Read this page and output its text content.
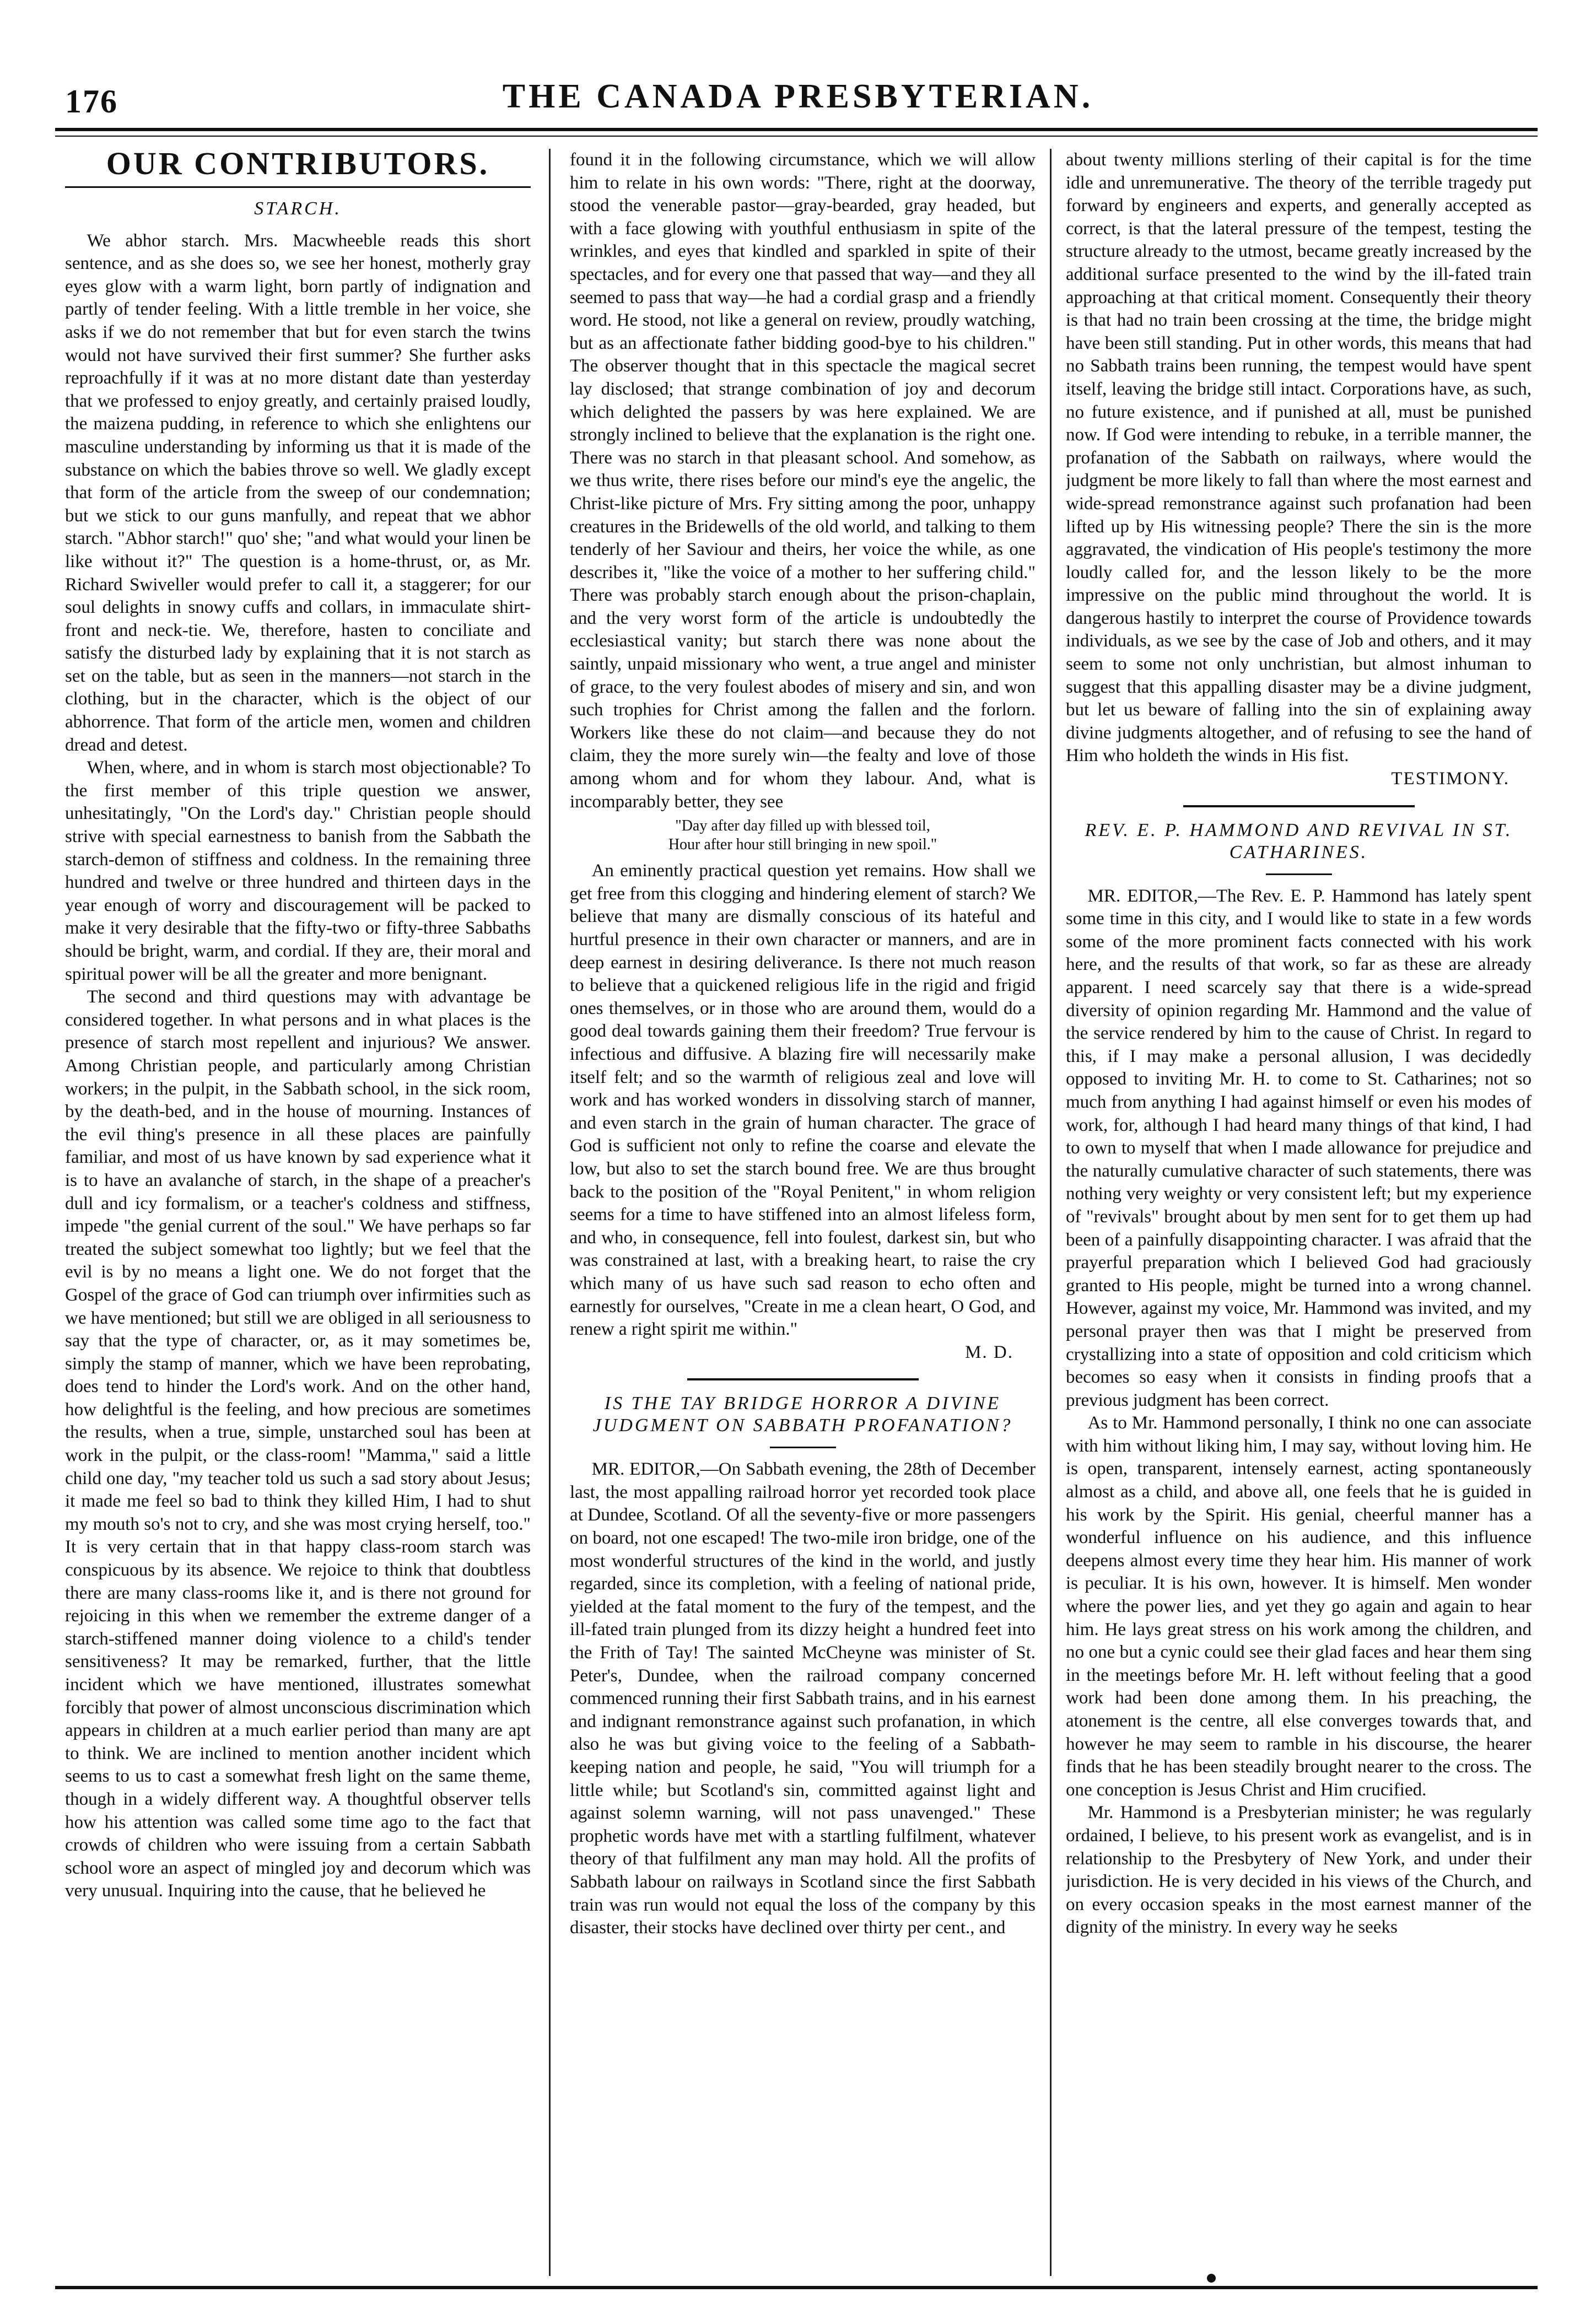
176	THE CANADA PRESBYTERIAN.
OUR CONTRIBUTORS.
STARCH.

We abhor starch. Mrs. Macwheeble reads this short sentence, and as she does so, we see her honest, motherly gray eyes glow with a warm light, born partly of indignation and partly of tender feeling. With a little tremble in her voice, she asks if we do not remember that but for even starch the twins would not have survived their first summer? She further asks reproachfully if it was at no more distant date than yesterday that we professed to enjoy greatly, and certainly praised loudly, the maizena pudding, in reference to which she enlightens our masculine understanding by informing us that it is made of the substance on which the babies throve so well. We gladly except that form of the article from the sweep of our condemnation; but we stick to our guns manfully, and repeat that we abhor starch. "Abhor starch!" quo' she; "and what would your linen be like without it?" The question is a home-thrust, or, as Mr. Richard Swiveller would prefer to call it, a staggerer; for our soul delights in snowy cuffs and collars, in immaculate shirt-front and neck-tie. We, therefore, hasten to conciliate and satisfy the disturbed lady by explaining that it is not starch as set on the table, but as seen in the manners—not starch in the clothing, but in the character, which is the object of our abhorrence. That form of the article men, women and children dread and detest.

When, where, and in whom is starch most objectionable? To the first member of this triple question we answer, unhesitatingly, "On the Lord's day." Christian people should strive with special earnestness to banish from the Sabbath the starch-demon of stiffness and coldness. In the remaining three hundred and twelve or three hundred and thirteen days in the year enough of worry and discouragement will be packed to make it very desirable that the fifty-two or fifty-three Sabbaths should be bright, warm, and cordial. If they are, their moral and spiritual power will be all the greater and more benignant.

The second and third questions may with advantage be considered together. In what persons and in what places is the presence of starch most repellent and injurious? We answer. Among Christian people, and particularly among Christian workers; in the pulpit, in the Sabbath school, in the sick room, by the death-bed, and in the house of mourning. Instances of the evil thing's presence in all these places are painfully familiar, and most of us have known by sad experience what it is to have an avalanche of starch, in the shape of a preacher's dull and icy formalism, or a teacher's coldness and stiffness, impede "the genial current of the soul." We have perhaps so far treated the subject somewhat too lightly; but we feel that the evil is by no means a light one. We do not forget that the Gospel of the grace of God can triumph over infirmities such as we have mentioned; but still we are obliged in all seriousness to say that the type of character, or, as it may sometimes be, simply the stamp of manner, which we have been reprobating, does tend to hinder the Lord's work. And on the other hand, how delightful is the feeling, and how precious are sometimes the results, when a true, simple, unstarched soul has been at work in the pulpit, or the class-room! "Mamma," said a little child one day, "my teacher told us such a sad story about Jesus; it made me feel so bad to think they killed Him, I had to shut my mouth so's not to cry, and she was most crying herself, too." It is very certain that in that happy class-room starch was conspicuous by its absence. We rejoice to think that doubtless there are many class-rooms like it, and is there not ground for rejoicing in this when we remember the extreme danger of a starch-stiffened manner doing violence to a child's tender sensitiveness? It may be remarked, further, that the little incident which we have mentioned, illustrates somewhat forcibly that power of almost unconscious discrimination which appears in children at a much earlier period than many are apt to think. We are inclined to mention another incident which seems to us to cast a somewhat fresh light on the same theme, though in a widely different way. A thoughtful observer tells how his attention was called some time ago to the fact that crowds of children who were issuing from a certain Sabbath school wore an aspect of mingled joy and decorum which was very unusual. Inquiring into the cause, that he believed he

found it in the following circumstance, which we will allow him to relate in his own words: "There, right at the doorway, stood the venerable pastor—gray-bearded, gray headed, but with a face glowing with youthful enthusiasm in spite of the wrinkles, and eyes that kindled and sparkled in spite of their spectacles, and for every one that passed that way—and they all seemed to pass that way—he had a cordial grasp and a friendly word. He stood, not like a general on review, proudly watching, but as an affectionate father bidding good-bye to his children." The observer thought that in this spectacle the magical secret lay disclosed; that strange combination of joy and decorum which delighted the passers by was here explained. We are strongly inclined to believe that the explanation is the right one. There was no starch in that pleasant school. And somehow, as we thus write, there rises before our mind's eye the angelic, the Christ-like picture of Mrs. Fry sitting among the poor, unhappy creatures in the Bridewells of the old world, and talking to them tenderly of her Saviour and theirs, her voice the while, as one describes it, "like the voice of a mother to her suffering child." There was probably starch enough about the prison-chaplain, and the very worst form of the article is undoubtedly the ecclesiastical vanity; but starch there was none about the saintly, unpaid missionary who went, a true angel and minister of grace, to the very foulest abodes of misery and sin, and won such trophies for Christ among the fallen and the forlorn. Workers like these do not claim—and because they do not claim, they the more surely win—the fealty and love of those among whom and for whom they labour. And, what is incomparably better, they see

"Day after day filled up with blessed toil,
Hour after hour still bringing in new spoil."

An eminently practical question yet remains. How shall we get free from this clogging and hindering element of starch? We believe that many are dismally conscious of its hateful and hurtful presence in their own character or manners, and are in deep earnest in desiring deliverance. Is there not much reason to believe that a quickened religious life in the rigid and frigid ones themselves, or in those who are around them, would do a good deal towards gaining them their freedom? True fervour is infectious and diffusive. A blazing fire will necessarily make itself felt; and so the warmth of religious zeal and love will work and has worked wonders in dissolving starch of manner, and even starch in the grain of human character. The grace of God is sufficient not only to refine the coarse and elevate the low, but also to set the starch bound free. We are thus brought back to the position of the "Royal Penitent," in whom religion seems for a time to have stiffened into an almost lifeless form, and who, in consequence, fell into foulest, darkest sin, but who was constrained at last, with a breaking heart, to raise the cry which many of us have such sad reason to echo often and earnestly for ourselves, "Create in me a clean heart, O God, and renew a right spirit me within."

M. D.
IS THE TAY BRIDGE HORROR A DIVINE JUDGMENT ON SABBATH PROFANATION?

MR. EDITOR,—On Sabbath evening, the 28th of December last, the most appalling railroad horror yet recorded took place at Dundee, Scotland. Of all the seventy-five or more passengers on board, not one escaped! The two-mile iron bridge, one of the most wonderful structures of the kind in the world, and justly regarded, since its completion, with a feeling of national pride, yielded at the fatal moment to the fury of the tempest, and the ill-fated train plunged from its dizzy height a hundred feet into the Frith of Tay! The sainted McCheyne was minister of St. Peter's, Dundee, when the railroad company concerned commenced running their first Sabbath trains, and in his earnest and indignant remonstrance against such profanation, in which also he was but giving voice to the feeling of a Sabbath-keeping nation and people, he said, "You will triumph for a little while; but Scotland's sin, committed against light and against solemn warning, will not pass unavenged." These prophetic words have met with a startling fulfilment, whatever theory of that fulfilment any man may hold. All the profits of Sabbath labour on railways in Scotland since the first Sabbath train was run would not equal the loss of the company by this disaster, their stocks have declined over thirty per cent., and

about twenty millions sterling of their capital is for the time idle and unremunerative. The theory of the terrible tragedy put forward by engineers and experts, and generally accepted as correct, is that the lateral pressure of the tempest, testing the structure already to the utmost, became greatly increased by the additional surface presented to the wind by the ill-fated train approaching at that critical moment. Consequently their theory is that had no train been crossing at the time, the bridge might have been still standing. Put in other words, this means that had no Sabbath trains been running, the tempest would have spent itself, leaving the bridge still intact. Corporations have, as such, no future existence, and if punished at all, must be punished now. If God were intending to rebuke, in a terrible manner, the profanation of the Sabbath on railways, where would the judgment be more likely to fall than where the most earnest and wide-spread remonstrance against such profanation had been lifted up by His witnessing people? There the sin is the more aggravated, the vindication of His people's testimony the more loudly called for, and the lesson likely to be the more impressive on the public mind throughout the world. It is dangerous hastily to interpret the course of Providence towards individuals, as we see by the case of Job and others, and it may seem to some not only unchristian, but almost inhuman to suggest that this appalling disaster may be a divine judgment, but let us beware of falling into the sin of explaining away divine judgments altogether, and of refusing to see the hand of Him who holdeth the winds in His fist.

TESTIMONY.
REV. E. P. HAMMOND AND REVIVAL IN ST. CATHARINES.

MR. EDITOR,—The Rev. E. P. Hammond has lately spent some time in this city, and I would like to state in a few words some of the more prominent facts connected with his work here, and the results of that work, so far as these are already apparent. I need scarcely say that there is a wide-spread diversity of opinion regarding Mr. Hammond and the value of the service rendered by him to the cause of Christ. In regard to this, if I may make a personal allusion, I was decidedly opposed to inviting Mr. H. to come to St. Catharines; not so much from anything I had against himself or even his modes of work, for, although I had heard many things of that kind, I had to own to myself that when I made allowance for prejudice and the naturally cumulative character of such statements, there was nothing very weighty or very consistent left; but my experience of "revivals" brought about by men sent for to get them up had been of a painfully disappointing character. I was afraid that the prayerful preparation which I believed God had graciously granted to His people, might be turned into a wrong channel. However, against my voice, Mr. Hammond was invited, and my personal prayer then was that I might be preserved from crystallizing into a state of opposition and cold criticism which becomes so easy when it consists in finding proofs that a previous judgment has been correct.

As to Mr. Hammond personally, I think no one can associate with him without liking him, I may say, without loving him. He is open, transparent, intensely earnest, acting spontaneously almost as a child, and above all, one feels that he is guided in his work by the Spirit. His genial, cheerful manner has a wonderful influence on his audience, and this influence deepens almost every time they hear him. His manner of work is peculiar. It is his own, however. It is himself. Men wonder where the power lies, and yet they go again and again to hear him. He lays great stress on his work among the children, and no one but a cynic could see their glad faces and hear them sing in the meetings before Mr. H. left without feeling that a good work had been done among them. In his preaching, the atonement is the centre, all else converges towards that, and however he may seem to ramble in his discourse, the hearer finds that he has been steadily brought nearer to the cross. The one conception is Jesus Christ and Him crucified.

Mr. Hammond is a Presbyterian minister; he was regularly ordained, I believe, to his present work as evangelist, and is in relationship to the Presbytery of New York, and under their jurisdiction. He is very decided in his views of the Church, and on every occasion speaks in the most earnest manner of the dignity of the ministry. In every way he seeks
